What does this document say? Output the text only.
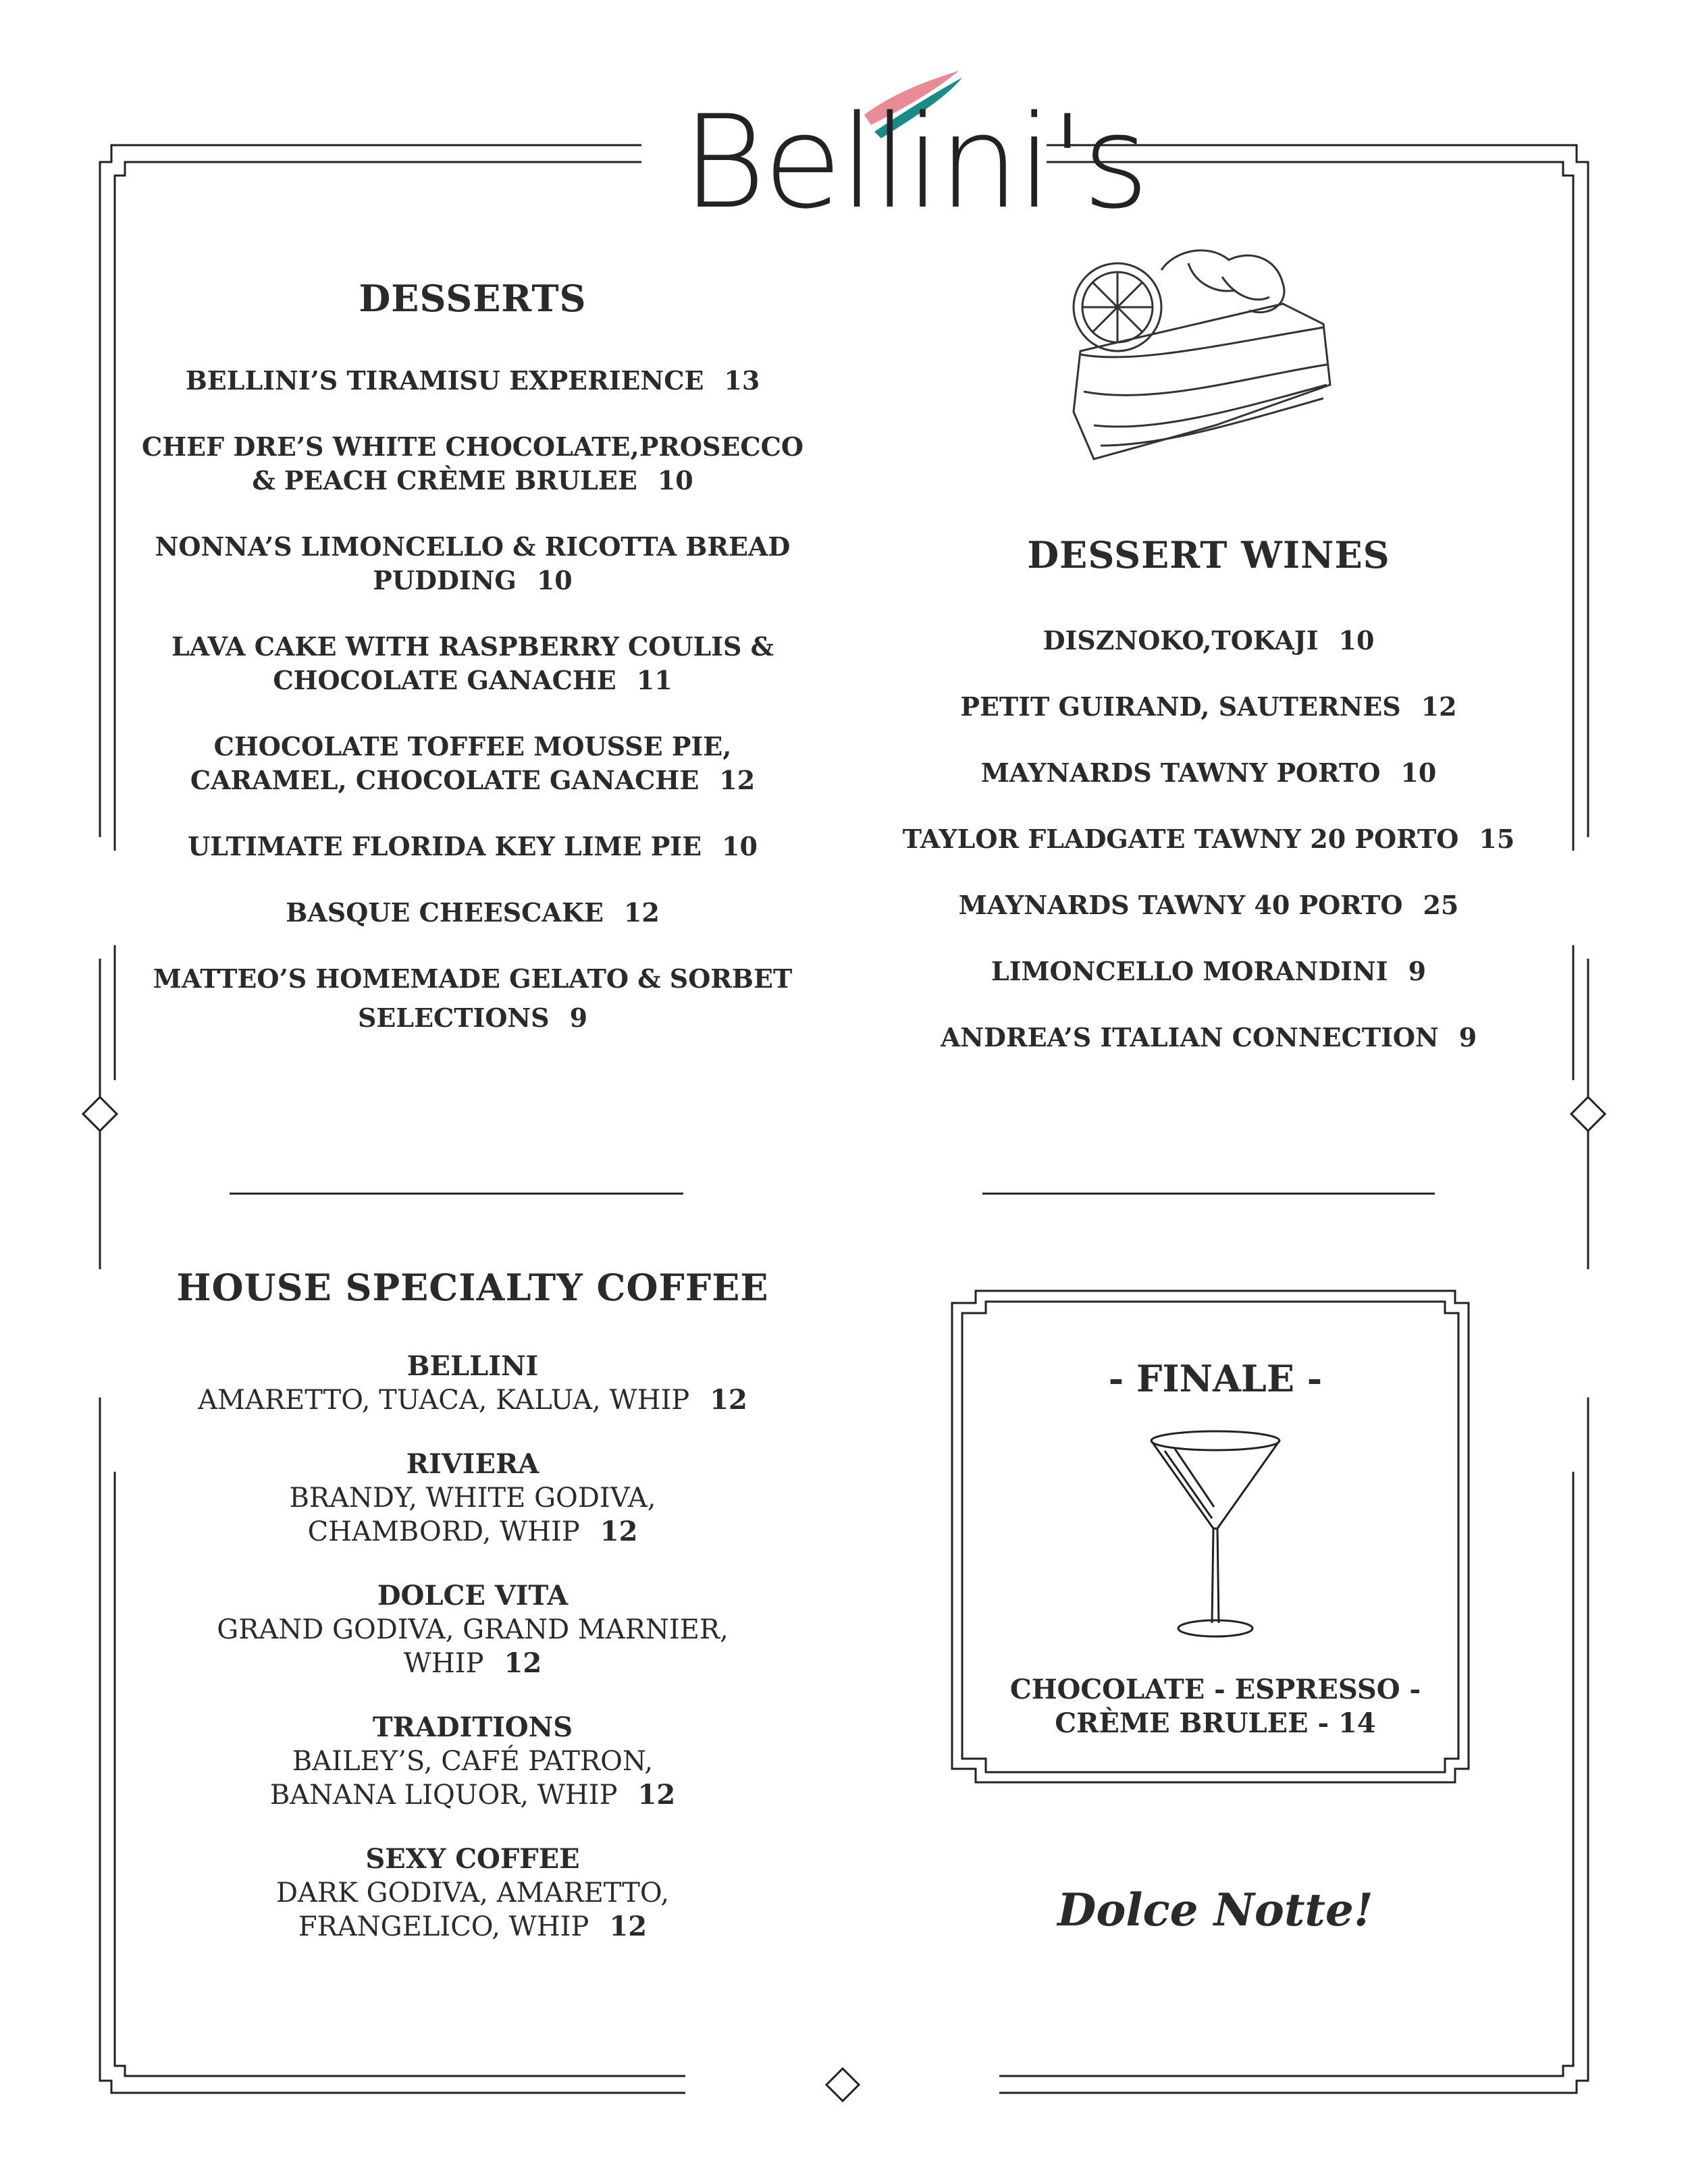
Bellini's
DESSERTS
BELLINI’S TIRAMISU EXPERIENCE 13
CHEF DRE’S WHITE CHOCOLATE,PROSECCO
& PEACH CRÈME BRULEE 10
NONNA’S LIMONCELLO & RICOTTA BREAD
PUDDING 10
LAVA CAKE WITH RASPBERRY COULIS &
CHOCOLATE GANACHE 11
CHOCOLATE TOFFEE MOUSSE PIE,
CARAMEL, CHOCOLATE GANACHE 12
ULTIMATE FLORIDA KEY LIME PIE 10
BASQUE CHEESCAKE 12
MATTEO’S HOMEMADE GELATO & SORBET
SELECTIONS 9
DESSERT WINES
DISZNOKO,TOKAJI 10
PETIT GUIRAND, SAUTERNES 12
MAYNARDS TAWNY PORTO 10
TAYLOR FLADGATE TAWNY 20 PORTO 15
MAYNARDS TAWNY 40 PORTO 25
LIMONCELLO MORANDINI 9
ANDREA’S ITALIAN CONNECTION 9
HOUSE SPECIALTY COFFEE
BELLINI
AMARETTO, TUACA, KALUA, WHIP 12
RIVIERA
BRANDY, WHITE GODIVA,
CHAMBORD, WHIP 12
DOLCE VITA
GRAND GODIVA, GRAND MARNIER,
WHIP 12
TRADITIONS
BAILEY’S, CAFÉ PATRON,
BANANA LIQUOR, WHIP 12
SEXY COFFEE
DARK GODIVA, AMARETTO,
FRANGELICO, WHIP 12
- FINALE -
CHOCOLATE - ESPRESSO -
CRÈME BRULEE - 14
Dolce Notte!
